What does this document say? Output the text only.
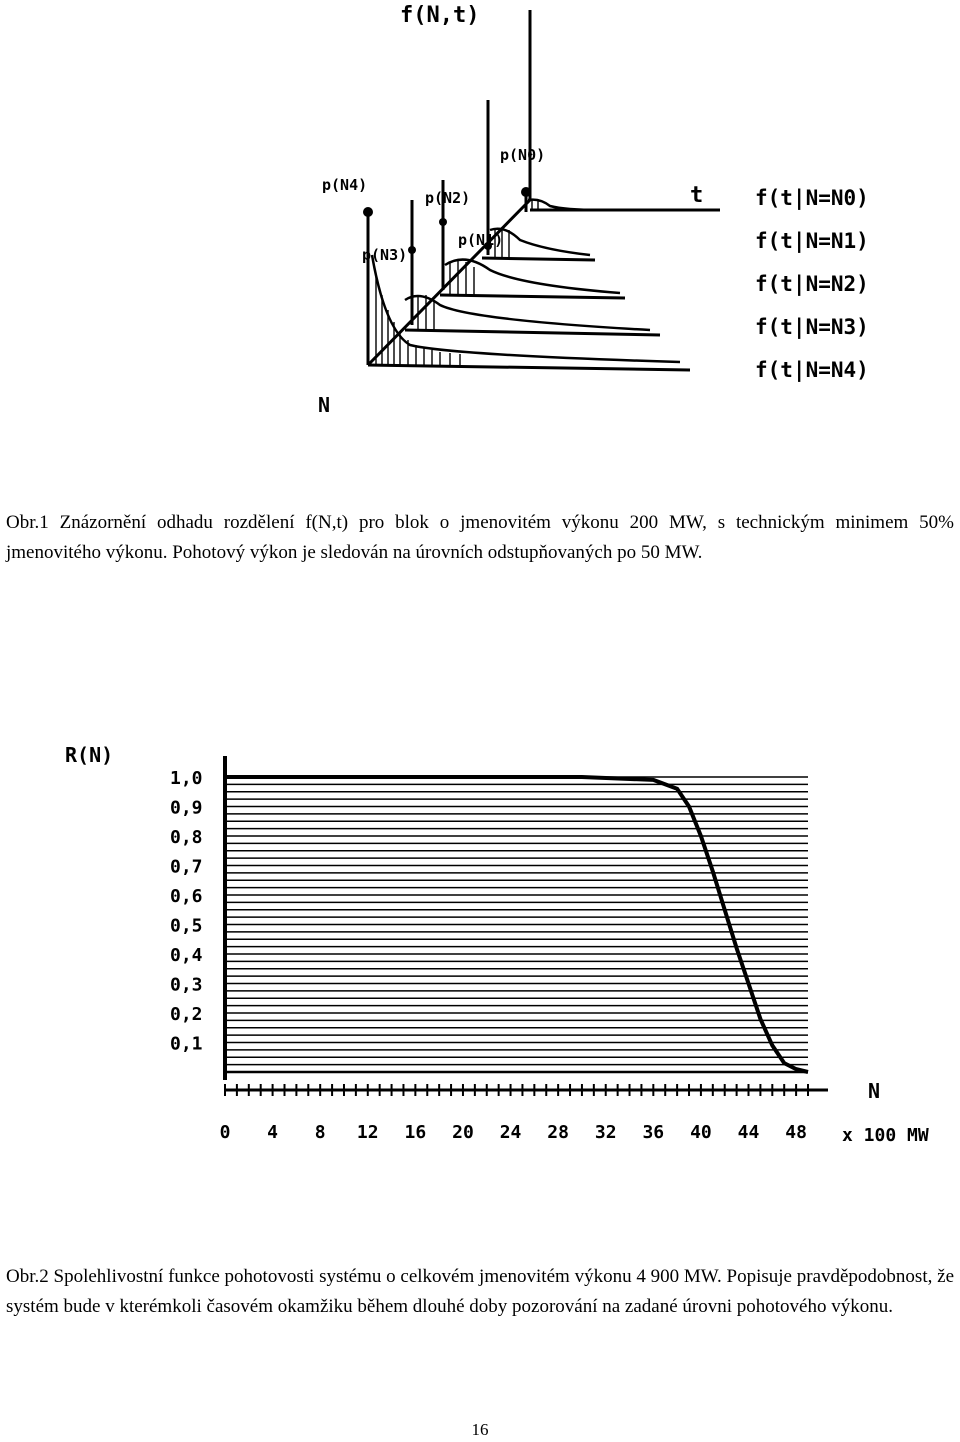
f(N,t)
t
N
p(N4)
p(N3)
p(N2)
p(N1)
p(N0)
f(t|N=N0)
f(t|N=N1)
f(t|N=N2)
f(t|N=N3)
f(t|N=N4)
Obr.1 Znázornění odhadu rozdělení f(N,t) pro blok o jmenovitém výkonu 200 MW, s technickým minimem 50% jmenovitého výkonu. Pohotový výkon je sledován na úrovních odstupňovaných po 50 MW.
1,0
0,9
0,8
0,7
0,6
0,5
0,4
0,3
0,2
0,1
0 4 8 12 16 20 24 28 32 36 40 44 48
R(N)
N
x 100 MW
Obr.2 Spolehlivostní funkce pohotovosti systému o celkovém jmenovitém výkonu 4 900 MW. Popisuje pravděpodobnost, že systém bude v kterémkoli časovém okamžiku během dlouhé doby pozorování na zadané úrovni pohotového výkonu.
16
